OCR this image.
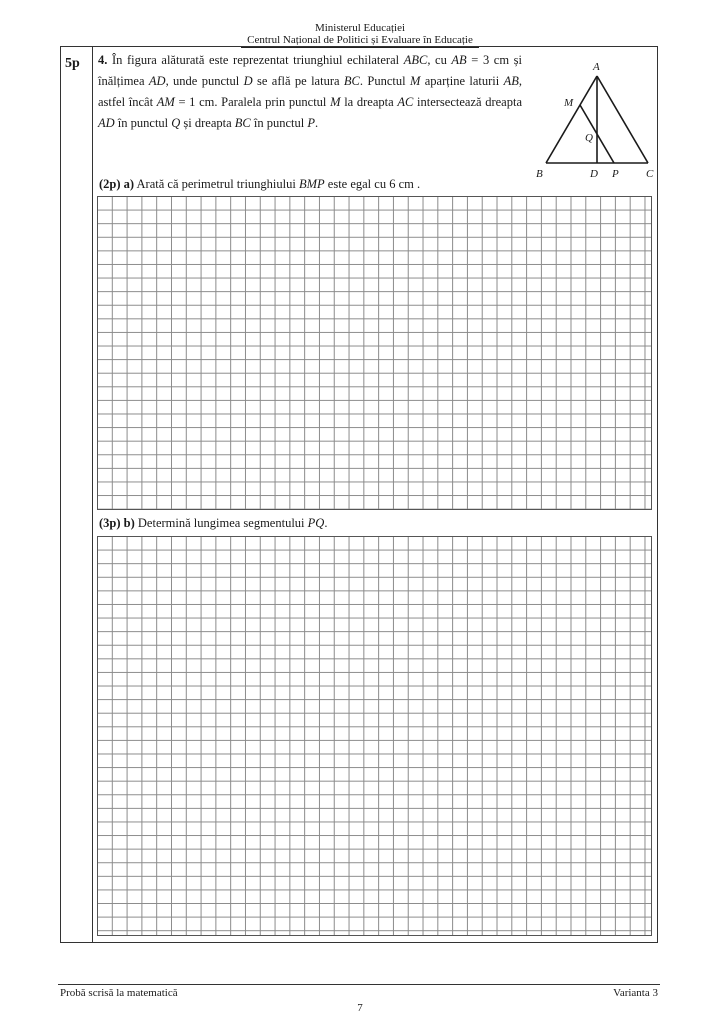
Ministerul Educației
Centrul Național de Politici și Evaluare în Educație
5p 4. În figura alăturată este reprezentat triunghiul echilateral ABC, cu AB = 3 cm și înălțimea AD, unde punctul D se află pe latura BC. Punctul M aparține laturii AB, astfel încât AM = 1 cm. Paralela prin punctul M la dreapta AC intersectează dreapta AD în punctul Q și dreapta BC în punctul P.
A
M
Q
B	D P C
(2p) a) Arată că perimetrul triunghiului BMP este egal cu 6 cm .
(3p) b) Determină lungimea segmentului PQ.
Probă scrisă la matematică	Varianta 3
7
